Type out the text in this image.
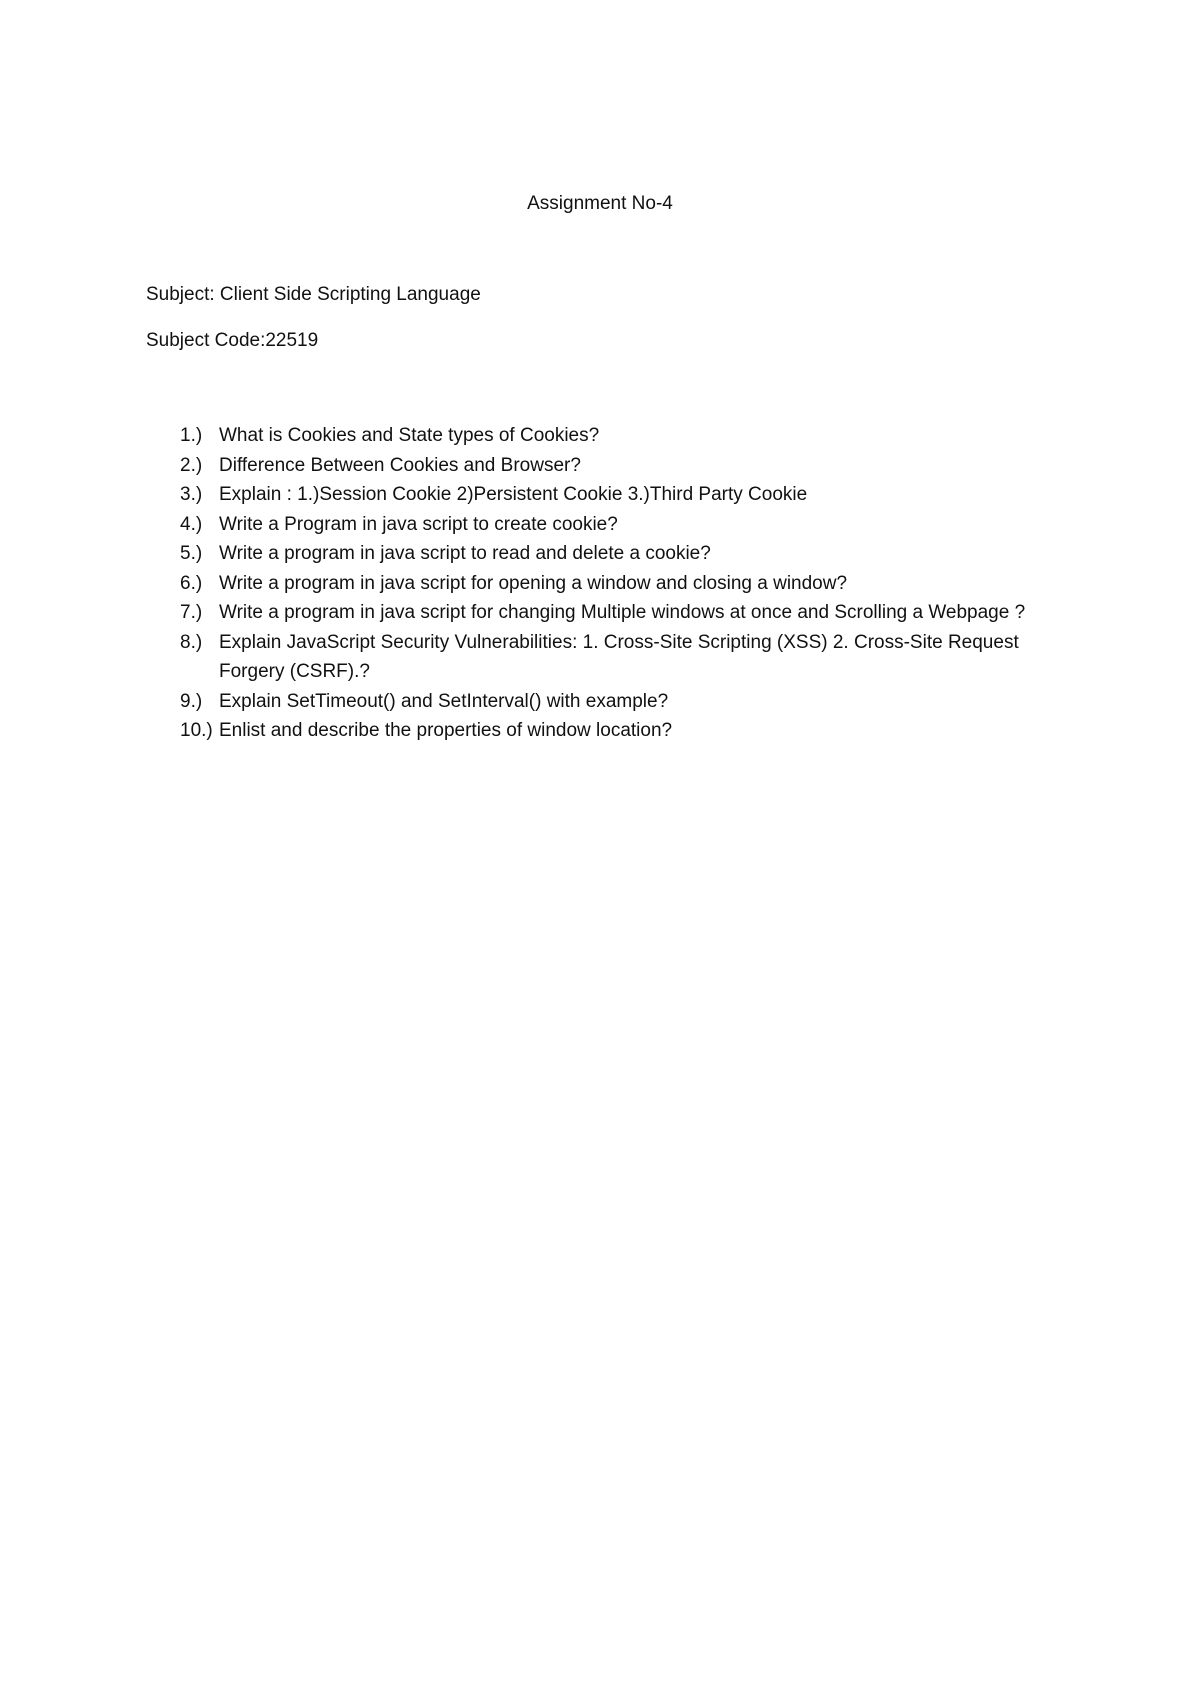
Assignment No-4
Subject: Client Side Scripting Language
Subject Code:22519
1.) What is Cookies and State types of Cookies?
2.) Difference Between Cookies and Browser?
3.) Explain : 1.)Session Cookie 2)Persistent Cookie 3.)Third Party Cookie
4.) Write a Program in java script to create cookie?
5.) Write a program in java script to read and delete a cookie?
6.) Write a program in java script for opening a window and closing a window?
7.) Write a program in java script for changing Multiple windows at once and Scrolling a Webpage ?
8.) Explain JavaScript Security Vulnerabilities: 1. Cross-Site Scripting (XSS) 2. Cross-Site Request Forgery (CSRF).?
9.) Explain SetTimeout() and SetInterval() with example?
10.) Enlist and describe the properties of window location?
